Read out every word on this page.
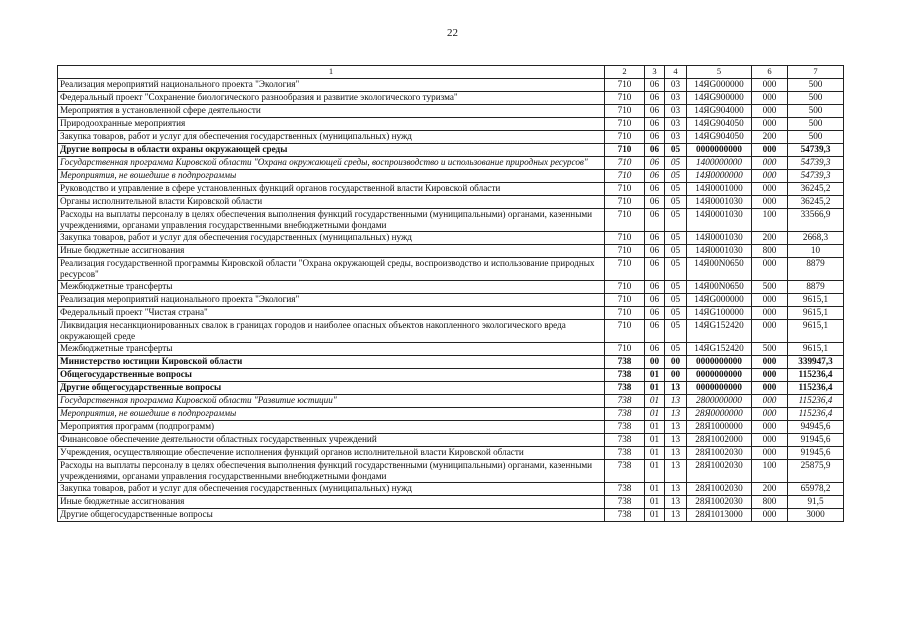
22
1	2	3	4	5	6	7
Реализация мероприятий национального проекта "Экология"	710	06	03	14ЯG000000	000	500
Федеральный проект "Сохранение биологического разнообразия и развитие экологического туризма"	710	06	03	14ЯG900000	000	500
Мероприятия в установленной сфере деятельности	710	06	03	14ЯG904000	000	500
Природоохранные мероприятия	710	06	03	14ЯG904050	000	500
Закупка товаров, работ и услуг для обеспечения государственных (муниципальных) нужд	710	06	03	14ЯG904050	200	500
Другие вопросы в области охраны окружающей среды	710	06	05	0000000000	000	54739,3
Государственная программа Кировской области "Охрана окружающей среды, воспроизводство и использование природных ресурсов"	710	06	05	1400000000	000	54739,3
Мероприятия, не вошедшие в подпрограммы	710	06	05	14Я0000000	000	54739,3
Руководство и управление в сфере установленных функций органов государственной власти Кировской области	710	06	05	14Я0001000	000	36245,2
Органы исполнительной власти Кировской области	710	06	05	14Я0001030	000	36245,2
Расходы на выплаты персоналу в целях обеспечения выполнения функций государственными (муниципальными) органами, казенными учреждениями, органами управления государственными внебюджетными фондами	710	06	05	14Я0001030	100	33566,9
Закупка товаров, работ и услуг для обеспечения государственных (муниципальных) нужд	710	06	05	14Я0001030	200	2668,3
Иные бюджетные ассигнования	710	06	05	14Я0001030	800	10
Реализация государственной программы Кировской области "Охрана окружающей среды, воспроизводство и использование природных ресурсов"	710	06	05	14Я00N0650	000	8879
Межбюджетные трансферты	710	06	05	14Я00N0650	500	8879
Реализация мероприятий национального проекта "Экология"	710	06	05	14ЯG000000	000	9615,1
Федеральный проект "Чистая страна"	710	06	05	14ЯG100000	000	9615,1
Ликвидация несанкционированных свалок в границах городов и наиболее опасных объектов накопленного экологического вреда окружающей среде	710	06	05	14ЯG152420	000	9615,1
Межбюджетные трансферты	710	06	05	14ЯG152420	500	9615,1
Министерство юстиции Кировской области	738	00	00	0000000000	000	339947,3
Общегосударственные вопросы	738	01	00	0000000000	000	115236,4
Другие общегосударственные вопросы	738	01	13	0000000000	000	115236,4
Государственная программа Кировской области "Развитие юстиции"	738	01	13	2800000000	000	115236,4
Мероприятия, не вошедшие в подпрограммы	738	01	13	28Я0000000	000	115236,4
Мероприятия программ (подпрограмм)	738	01	13	28Я1000000	000	94945,6
Финансовое обеспечение деятельности областных государственных учреждений	738	01	13	28Я1002000	000	91945,6
Учреждения, осуществляющие обеспечение исполнения функций органов исполнительной власти Кировской области	738	01	13	28Я1002030	000	91945,6
Расходы на выплаты персоналу в целях обеспечения выполнения функций государственными (муниципальными) органами, казенными учреждениями, органами управления государственными внебюджетными фондами	738	01	13	28Я1002030	100	25875,9
Закупка товаров, работ и услуг для обеспечения государственных (муниципальных) нужд	738	01	13	28Я1002030	200	65978,2
Иные бюджетные ассигнования	738	01	13	28Я1002030	800	91,5
Другие общегосударственные вопросы	738	01	13	28Я1013000	000	3000
